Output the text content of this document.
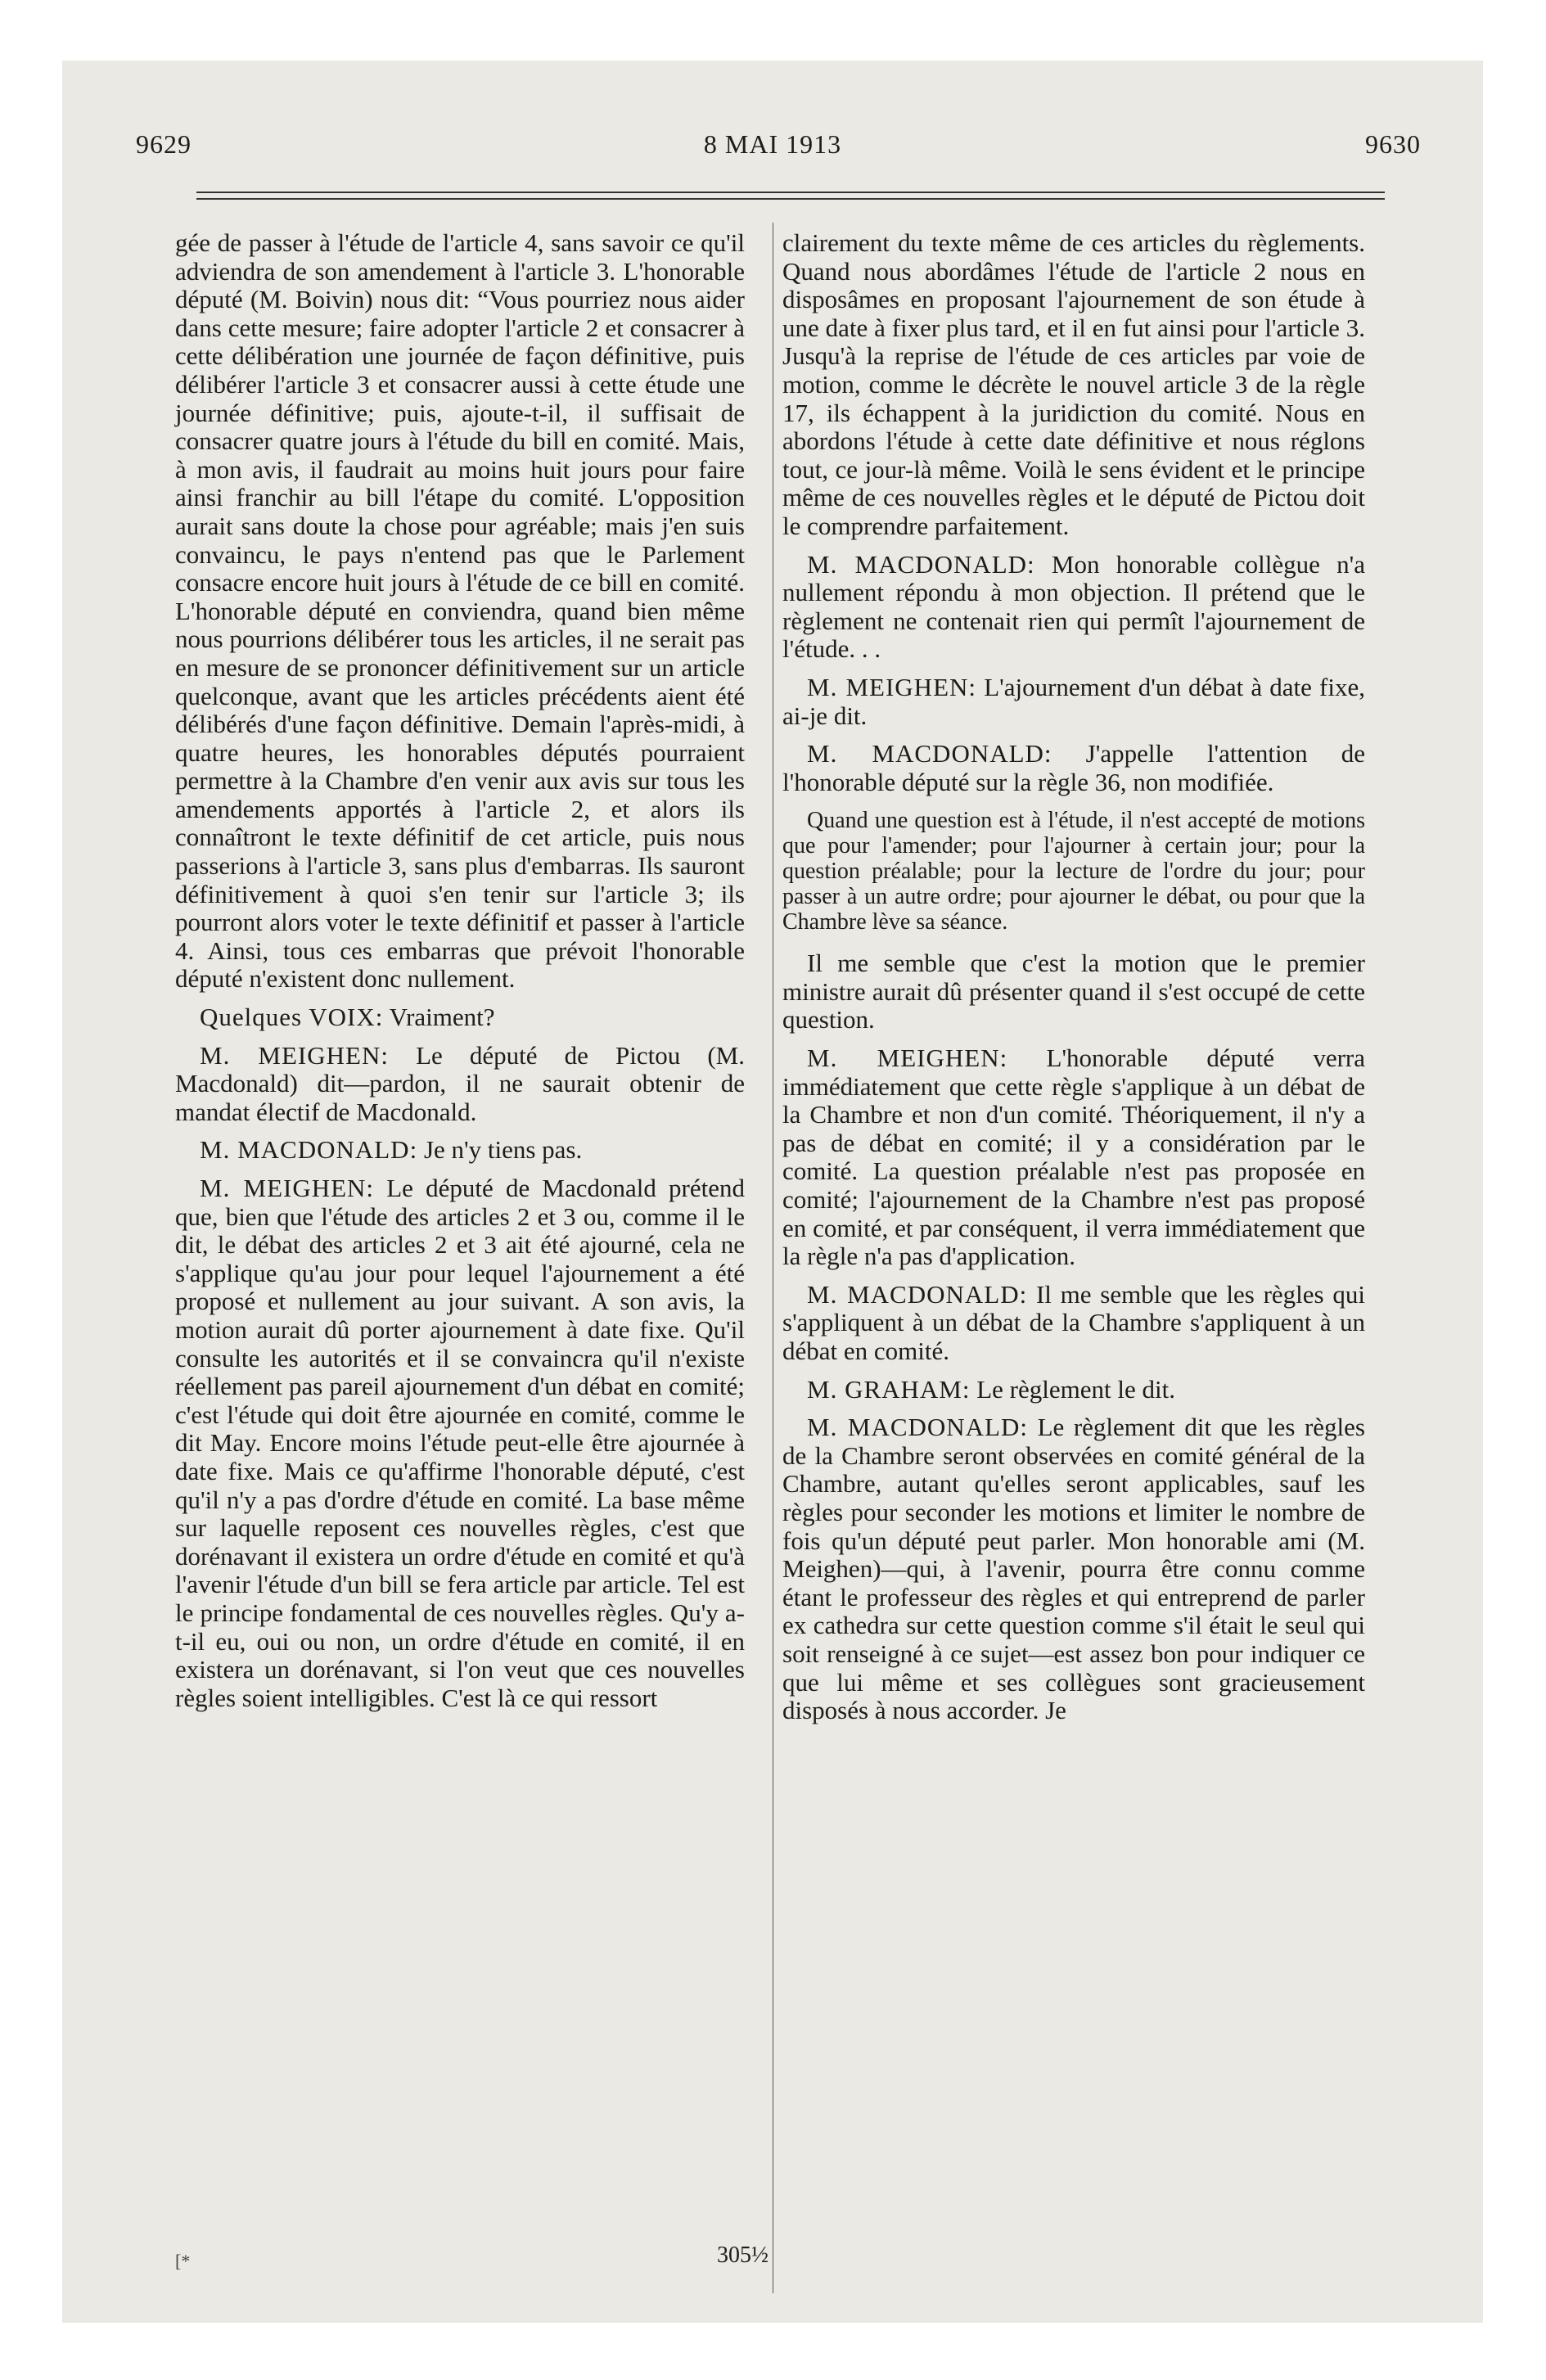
9629	8 MAI 1913	9630

gée de passer à l'étude de l'article 4, sans savoir ce qu'il adviendra de son amendement à l'article 3. L'honorable député (M. Boivin) nous dit: “Vous pourriez nous aider dans cette mesure; faire adopter l'article 2 et consacrer à cette délibération une journée de façon définitive, puis délibérer l'article 3 et consacrer aussi à cette étude une journée définitive; puis, ajoute-t-il, il suffisait de consacrer quatre jours à l'étude du bill en comité. Mais, à mon avis, il faudrait au moins huit jours pour faire ainsi franchir au bill l'étape du comité. L'opposition aurait sans doute la chose pour agréable; mais j'en suis convaincu, le pays n'entend pas que le Parlement consacre encore huit jours à l'étude de ce bill en comité. L'honorable député en conviendra, quand bien même nous pourrions délibérer tous les articles, il ne serait pas en mesure de se prononcer définitivement sur un article quelconque, avant que les articles précédents aient été délibérés d'une façon définitive. Demain l'après-midi, à quatre heures, les honorables députés pourraient permettre à la Chambre d'en venir aux avis sur tous les amendements apportés à l'article 2, et alors ils connaîtront le texte définitif de cet article, puis nous passerions à l'article 3, sans plus d'embarras. Ils sauront définitivement à quoi s'en tenir sur l'article 3; ils pourront alors voter le texte définitif et passer à l'article 4. Ainsi, tous ces embarras que prévoit l'honorable député n'existent donc nullement.

Quelques VOIX: Vraiment?

M. MEIGHEN: Le député de Pictou (M. Macdonald) dit—pardon, il ne saurait obtenir de mandat électif de Macdonald.

M. MACDONALD: Je n'y tiens pas.

M. MEIGHEN: Le député de Macdonald prétend que, bien que l'étude des articles 2 et 3 ou, comme il le dit, le débat des articles 2 et 3 ait été ajourné, cela ne s'applique qu'au jour pour lequel l'ajournement a été proposé et nullement au jour suivant. A son avis, la motion aurait dû porter ajournement à date fixe. Qu'il consulte les autorités et il se convaincra qu'il n'existe réellement pas pareil ajournement d'un débat en comité; c'est l'étude qui doit être ajournée en comité, comme le dit May. Encore moins l'étude peut-elle être ajournée à date fixe. Mais ce qu'affirme l'honorable député, c'est qu'il n'y a pas d'ordre d'étude en comité. La base même sur laquelle reposent ces nouvelles règles, c'est que dorénavant il existera un ordre d'étude en comité et qu'à l'avenir l'étude d'un bill se fera article par article. Tel est le principe fondamental de ces nouvelles règles. Qu'y a-t-il eu, oui ou non, un ordre d'étude en comité, il en existera un dorénavant, si l'on veut que ces nouvelles règles soient intelligibles. C'est là ce qui ressort

clairement du texte même de ces articles du règlements. Quand nous abordâmes l'étude de l'article 2 nous en disposâmes en proposant l'ajournement de son étude à une date à fixer plus tard, et il en fut ainsi pour l'article 3. Jusqu'à la reprise de l'étude de ces articles par voie de motion, comme le décrète le nouvel article 3 de la règle 17, ils échappent à la juridiction du comité. Nous en abordons l'étude à cette date définitive et nous réglons tout, ce jour-là même. Voilà le sens évident et le principe même de ces nouvelles règles et le député de Pictou doit le comprendre parfaitement.

M. MACDONALD: Mon honorable collègue n'a nullement répondu à mon objection. Il prétend que le règlement ne contenait rien qui permît l'ajournement de l'étude. . .

M. MEIGHEN: L'ajournement d'un débat à date fixe, ai-je dit.

M. MACDONALD: J'appelle l'attention de l'honorable député sur la règle 36, non modifiée.

Quand une question est à l'étude, il n'est accepté de motions que pour l'amender; pour l'ajourner à certain jour; pour la question préalable; pour la lecture de l'ordre du jour; pour passer à un autre ordre; pour ajourner le débat, ou pour que la Chambre lève sa séance.

Il me semble que c'est la motion que le premier ministre aurait dû présenter quand il s'est occupé de cette question.

M. MEIGHEN: L'honorable député verra immédiatement que cette règle s'applique à un débat de la Chambre et non d'un comité. Théoriquement, il n'y a pas de débat en comité; il y a considération par le comité. La question préalable n'est pas proposée en comité; l'ajournement de la Chambre n'est pas proposé en comité, et par conséquent, il verra immédiatement que la règle n'a pas d'application.

M. MACDONALD: Il me semble que les règles qui s'appliquent à un débat de la Chambre s'appliquent à un débat en comité.

M. GRAHAM: Le règlement le dit.

M. MACDONALD: Le règlement dit que les règles de la Chambre seront observées en comité général de la Chambre, autant qu'elles seront applicables, sauf les règles pour seconder les motions et limiter le nombre de fois qu'un député peut parler. Mon honorable ami (M. Meighen)—qui, à l'avenir, pourra être connu comme étant le professeur des règles et qui entreprend de parler ex cathedra sur cette question comme s'il était le seul qui soit renseigné à ce sujet—est assez bon pour indiquer ce que lui même et ses collègues sont gracieusement disposés à nous accorder. Je

[*	305½
